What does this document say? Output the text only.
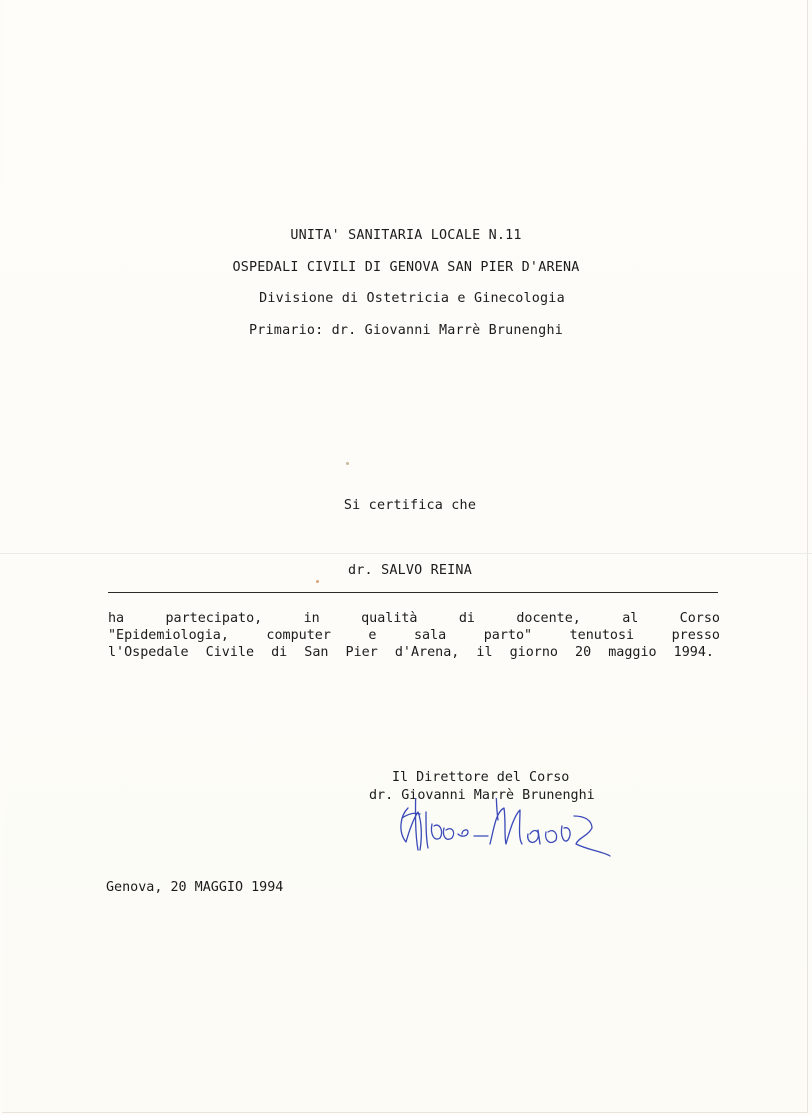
UNITA' SANITARIA LOCALE N.11
OSPEDALI CIVILI DI GENOVA SAN PIER D'ARENA
Divisione di Ostetricia e Ginecologia
Primario: dr. Giovanni Marrè Brunenghi
Si certifica che
dr. SALVO REINA
ha partecipato, in qualità di docente, al Corso
"Epidemiologia, computer e sala parto" tenutosi presso
l'Ospedale Civile di San Pier d'Arena, il giorno 20 maggio 1994.
Il Direttore del Corso
dr. Giovanni Marrè Brunenghi
Genova, 20 MAGGIO 1994
